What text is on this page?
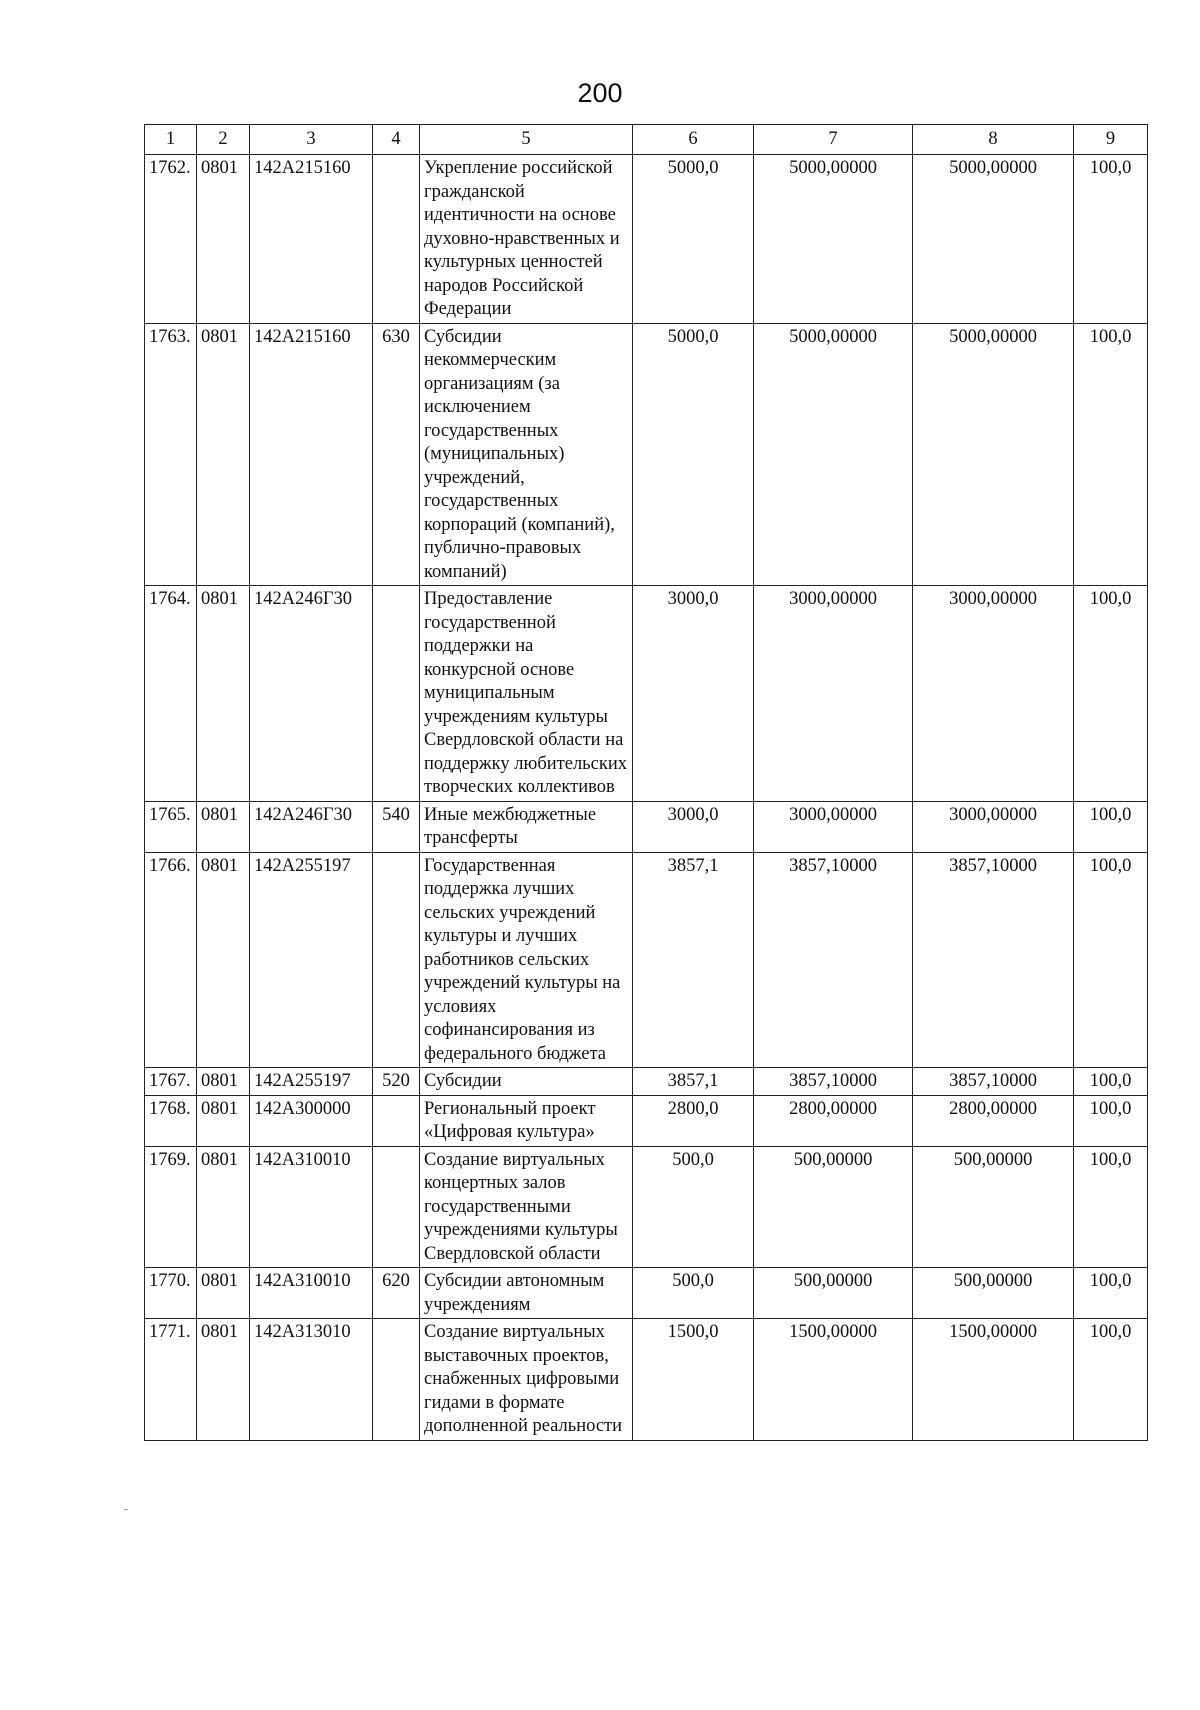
200
1	2	3	4	5	6	7	8	9
1762.	0801	142А215160		Укрепление российской гражданской идентичности на основе духовно-нравственных и культурных ценностей народов Российской Федерации	5000,0	5000,00000	5000,00000	100,0
1763.	0801	142А215160	630	Субсидии некоммерческим организациям (за исключением государственных (муниципальных) учреждений, государственных корпораций (компаний), публично-правовых компаний)	5000,0	5000,00000	5000,00000	100,0
1764.	0801	142А246Г30		Предоставление государственной поддержки на конкурсной основе муниципальным учреждениям культуры Свердловской области на поддержку любительских творческих коллективов	3000,0	3000,00000	3000,00000	100,0
1765.	0801	142А246Г30	540	Иные межбюджетные трансферты	3000,0	3000,00000	3000,00000	100,0
1766.	0801	142А255197		Государственная поддержка лучших сельских учреждений культуры и лучших работников сельских учреждений культуры на условиях софинансирования из федерального бюджета	3857,1	3857,10000	3857,10000	100,0
1767.	0801	142А255197	520	Субсидии	3857,1	3857,10000	3857,10000	100,0
1768.	0801	142А300000		Региональный проект «Цифровая культура»	2800,0	2800,00000	2800,00000	100,0
1769.	0801	142А310010		Создание виртуальных концертных залов государственными учреждениями культуры Свердловской области	500,0	500,00000	500,00000	100,0
1770.	0801	142А310010	620	Субсидии автономным учреждениям	500,0	500,00000	500,00000	100,0
1771.	0801	142А313010		Создание виртуальных выставочных проектов, снабженных цифровыми гидами в формате дополненной реальности	1500,0	1500,00000	1500,00000	100,0
